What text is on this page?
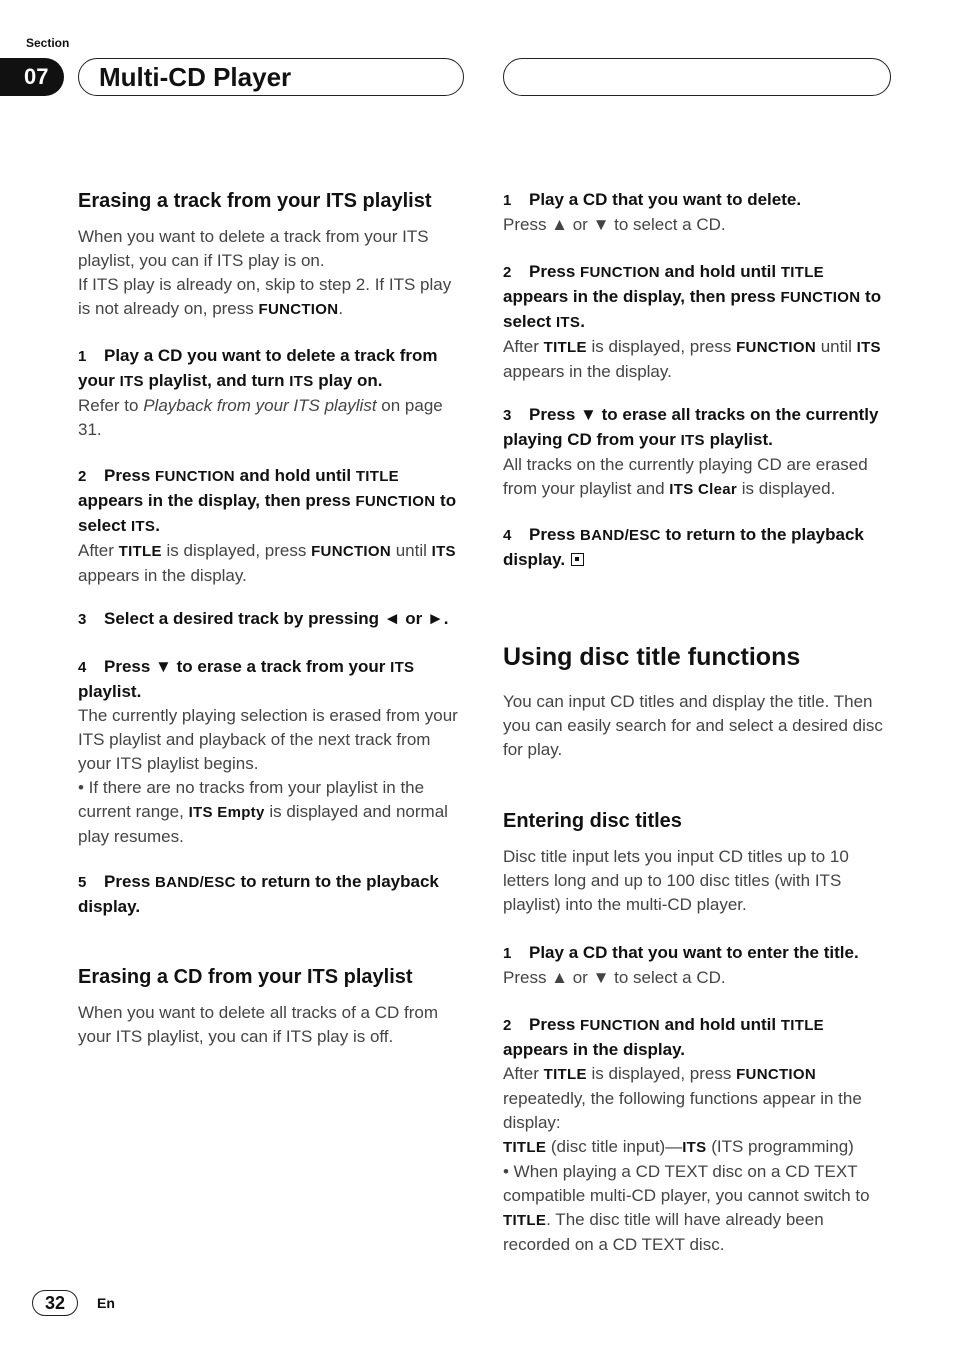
Section
07	Multi-CD Player
Erasing a track from your ITS playlist

When you want to delete a track from your ITS playlist, you can if ITS play is on.

If ITS play is already on, skip to step 2. If ITS play is not already on, press FUNCTION.

1 Play a CD you want to delete a track from your ITS playlist, and turn ITS play on.

Refer to Playback from your ITS playlist on page 31.

2 Press FUNCTION and hold until TITLE appears in the display, then press FUNCTION to select ITS.

After TITLE is displayed, press FUNCTION until ITS appears in the display.

3 Select a desired track by pressing ◄ or ►.
4 Press ▼ to erase a track from your ITS playlist.

The currently playing selection is erased from your ITS playlist and playback of the next track from your ITS playlist begins.

• If there are no tracks from your playlist in the current range, ITS Empty is displayed and normal play resumes.

5 Press BAND/ESC to return to the playback display.
Erasing a CD from your ITS playlist

When you want to delete all tracks of a CD from your ITS playlist, you can if ITS play is off.

1 Play a CD that you want to delete.

Press ▲ or ▼ to select a CD.

2 Press FUNCTION and hold until TITLE appears in the display, then press FUNCTION to select ITS.

After TITLE is displayed, press FUNCTION until ITS appears in the display.

3 Press ▼ to erase all tracks on the currently playing CD from your ITS playlist.

All tracks on the currently playing CD are erased from your playlist and ITS Clear is displayed.

4 Press BAND/ESC to return to the playback display.
Using disc title functions

You can input CD titles and display the title. Then you can easily search for and select a desired disc for play.

Entering disc titles

Disc title input lets you input CD titles up to 10 letters long and up to 100 disc titles (with ITS playlist) into the multi-CD player.

1 Play a CD that you want to enter the title.

Press ▲ or ▼ to select a CD.

2 Press FUNCTION and hold until TITLE appears in the display.

After TITLE is displayed, press FUNCTION repeatedly, the following functions appear in the display:

TITLE (disc title input)—ITS (ITS programming)

• When playing a CD TEXT disc on a CD TEXT compatible multi-CD player, you cannot switch to TITLE. The disc title will have already been recorded on a CD TEXT disc.

32	En
